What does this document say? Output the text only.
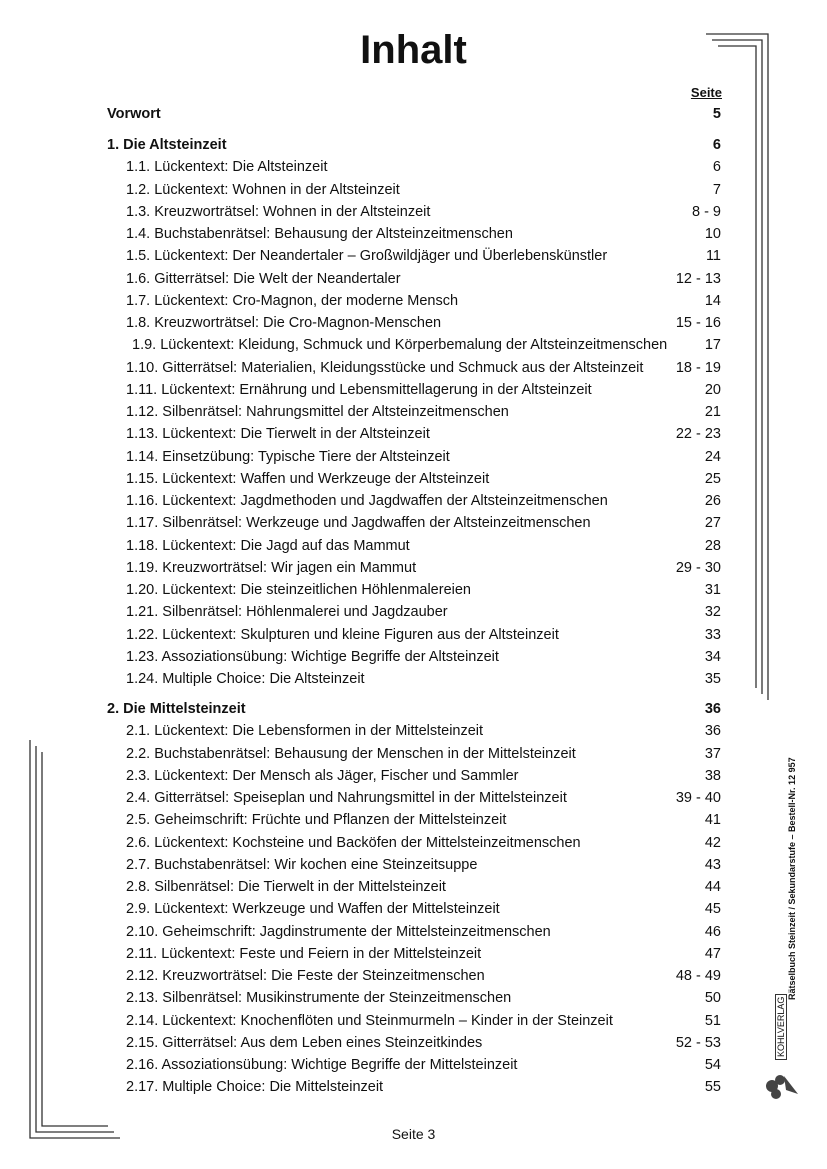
Inhalt
Seite
Vorwort	5
1. Die Altsteinzeit	6
1.1. Lückentext: Die Altsteinzeit	6
1.2. Lückentext: Wohnen in der Altsteinzeit	7
1.3. Kreuzworträtsel: Wohnen in der Altsteinzeit	8 - 9
1.4. Buchstabenrätsel: Behausung der Altsteinzeitmenschen	10
1.5. Lückentext: Der Neandertaler – Großwildjäger und Überlebenskünstler	11
1.6. Gitterrätsel: Die Welt der Neandertaler	12 - 13
1.7. Lückentext: Cro-Magnon, der moderne Mensch	14
1.8. Kreuzworträtsel: Die Cro-Magnon-Menschen	15 - 16
1.9. Lückentext: Kleidung, Schmuck und Körperbemalung der Altsteinzeitmenschen	17
1.10. Gitterrätsel: Materialien, Kleidungsstücke und Schmuck aus der Altsteinzeit 18 - 19
1.11. Lückentext: Ernährung und Lebensmittellagerung in der Altsteinzeit	20
1.12. Silbenrätsel: Nahrungsmittel der Altsteinzeitmenschen	21
1.13. Lückentext: Die Tierwelt in der Altsteinzeit	22 - 23
1.14. Einsetzübung: Typische Tiere der Altsteinzeit	24
1.15. Lückentext: Waffen und Werkzeuge der Altsteinzeit	25
1.16. Lückentext: Jagdmethoden und Jagdwaffen der Altsteinzeitmenschen	26
1.17. Silbenrätsel: Werkzeuge und Jagdwaffen der Altsteinzeitmenschen	27
1.18. Lückentext: Die Jagd auf das Mammut	28
1.19. Kreuzworträtsel: Wir jagen ein Mammut	29 - 30
1.20. Lückentext: Die steinzeitlichen Höhlenmalereien	31
1.21. Silbenrätsel: Höhlenmalerei und Jagdzauber	32
1.22. Lückentext: Skulpturen und kleine Figuren aus der Altsteinzeit	33
1.23. Assoziationsübung: Wichtige Begriffe der Altsteinzeit	34
1.24. Multiple Choice: Die Altsteinzeit	35
2. Die Mittelsteinzeit	36
2.1. Lückentext: Die Lebensformen in der Mittelsteinzeit	36
2.2. Buchstabenrätsel: Behausung der Menschen in der Mittelsteinzeit	37
2.3. Lückentext: Der Mensch als Jäger, Fischer und Sammler	38
2.4. Gitterrätsel: Speiseplan und Nahrungsmittel in der Mittelsteinzeit	39 - 40
2.5. Geheimschrift: Früchte und Pflanzen der Mittelsteinzeit	41
2.6. Lückentext: Kochsteine und Backöfen der Mittelsteinzeitmenschen	42
2.7. Buchstabenrätsel: Wir kochen eine Steinzeitsuppe	43
2.8. Silbenrätsel: Die Tierwelt in der Mittelsteinzeit	44
2.9. Lückentext: Werkzeuge und Waffen der Mittelsteinzeit	45
2.10. Geheimschrift: Jagdinstrumente der Mittelsteinzeitmenschen	46
2.11. Lückentext: Feste und Feiern in der Mittelsteinzeit	47
2.12. Kreuzworträtsel: Die Feste der Steinzeitmenschen	48 - 49
2.13. Silbenrätsel: Musikinstrumente der Steinzeitmenschen	50
2.14. Lückentext: Knochenflöten und Steinmurmeln – Kinder in der Steinzeit	51
2.15. Gitterrätsel: Aus dem Leben eines Steinzeitkindes	52 - 53
2.16. Assoziationsübung: Wichtige Begriffe der Mittelsteinzeit	54
2.17. Multiple Choice: Die Mittelsteinzeit	55
Seite 3
Rätselbuch Steinzeit / Sekundarstufe – Bestell-Nr. 12 957
KOHLVERLAG
